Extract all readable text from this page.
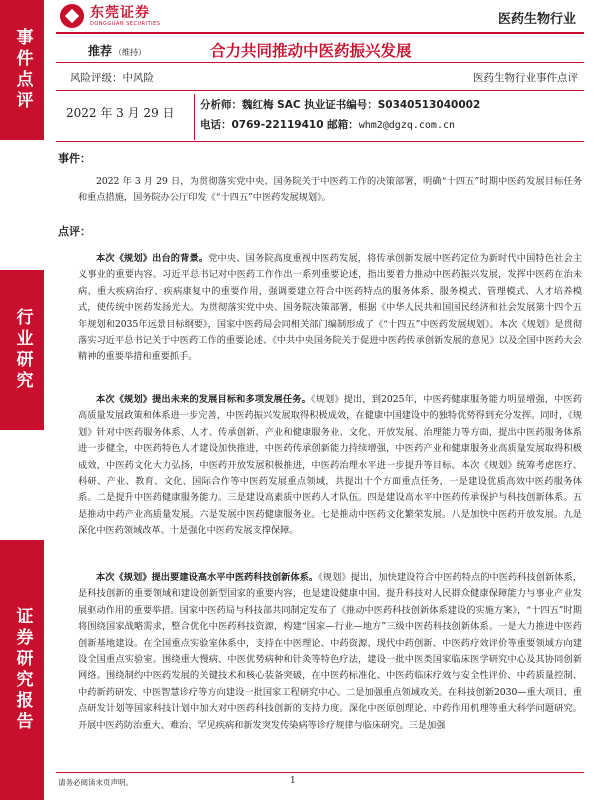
事件点评
行业研究
证券研究报告
东莞证券
DONGGUAN SECURITIES	医药生物行业
推荐 （维持）	合力共同推动中医药振兴发展
风险评级：中风险	医药生物行业事件点评
2022 年 3 月 29 日
分析师：魏红梅 SAC 执业证书编号：S0340513040002
电话：0769-22119410 邮箱：whm2@dgzq.com.cn
事件：

2022 年 3 月 29 日，为贯彻落实党中央、国务院关于中医药工作的决策部署，明确“十四五”时期中医药发展目标任务和重点措施，国务院办公厅印发《“十四五”中医药发展规划》。

点评：

本次《规划》出台的背景。党中央、国务院高度重视中医药发展，将传承创新发展中医药定位为新时代中国特色社会主义事业的重要内容。习近平总书记对中医药工作作出一系列重要论述，指出要着力推动中医药振兴发展，发挥中医药在治未病、重大疾病治疗、疾病康复中的重要作用，强调要建立符合中医药特点的服务体系、服务模式、管理模式、人才培养模式，使传统中医药发扬光大。为贯彻落实党中央、国务院决策部署，根据《中华人民共和国国民经济和社会发展第十四个五年规划和2035年远景目标纲要》，国家中医药局会同相关部门编制形成了《“十四五”中医药发展规划》。本次《规划》是贯彻落实习近平总书记关于中医药工作的重要论述、《中共中央国务院关于促进中医药传承创新发展的意见》以及全国中医药大会精神的重要举措和重要抓手。

本次《规划》提出未来的发展目标和多项发展任务。《规划》提出，到2025年，中医药健康服务能力明显增强，中医药高质量发展政策和体系进一步完善，中医药振兴发展取得积极成效，在健康中国建设中的独特优势得到充分发挥。同时，《规划》针对中医药服务体系、人才、传承创新、产业和健康服务业、文化、开放发展、治理能力等方面，提出中医药服务体系进一步健全，中医药特色人才建设加快推进，中医药传承创新能力持续增强，中医药产业和健康服务业高质量发展取得积极成效，中医药文化大力弘扬，中医药开放发展积极推进，中医药治理水平进一步提升等目标。本次《规划》统筹考虑医疗、科研、产业、教育、文化、国际合作等中医药发展重点领域，共提出十个方面重点任务，一是建设优质高效中医药服务体系。二是提升中医药健康服务能力。三是建设高素质中医药人才队伍。四是建设高水平中医药传承保护与科技创新体系。五是推动中药产业高质量发展。六是发展中医药健康服务业。七是推动中医药文化繁荣发展。八是加快中医药开放发展。九是深化中医药领域改革。十是强化中医药发展支撑保障。

本次《规划》提出要建设高水平中医药科技创新体系。《规划》提出，加快建设符合中医药特点的中医药科技创新体系，是科技创新的重要领域和建设创新型国家的重要内容，也是建设健康中国、提升科技对人民群众健康保障能力与事业产业发展驱动作用的重要举措。国家中医药局与科技部共同制定发布了《推动中医药科技创新体系建设的实施方案》，“十四五”时期将围绕国家战略需求，整合优化中医药科技资源，构建“国家—行业—地方”三级中医药科技创新体系。一是大力推进中医药创新基地建设。在全国重点实验室体系中，支持在中医理论、中药资源、现代中药创新、中医药疗效评价等重要领域方向建设全国重点实验室。围绕重大慢病、中医优势病种和针灸等特色疗法，建设一批中医类国家临床医学研究中心及其协同创新网络。围绕制约中医药发展的关键技术和核心装备突破，在中医药标准化、中医药临床疗效与安全性评价、中药质量控制、中药新药研发、中医智慧诊疗等方向建设一批国家工程研究中心。二是加强重点领域攻关。在科技创新2030—重大项目、重点研发计划等国家科技计划中加大对中医药科技创新的支持力度。深化中医原创理论、中药作用机理等重大科学问题研究。开展中医药防治重大、难治、罕见疾病和新发突发传染病等诊疗规律与临床研究。三是加强

请务必阅读末页声明。	1
